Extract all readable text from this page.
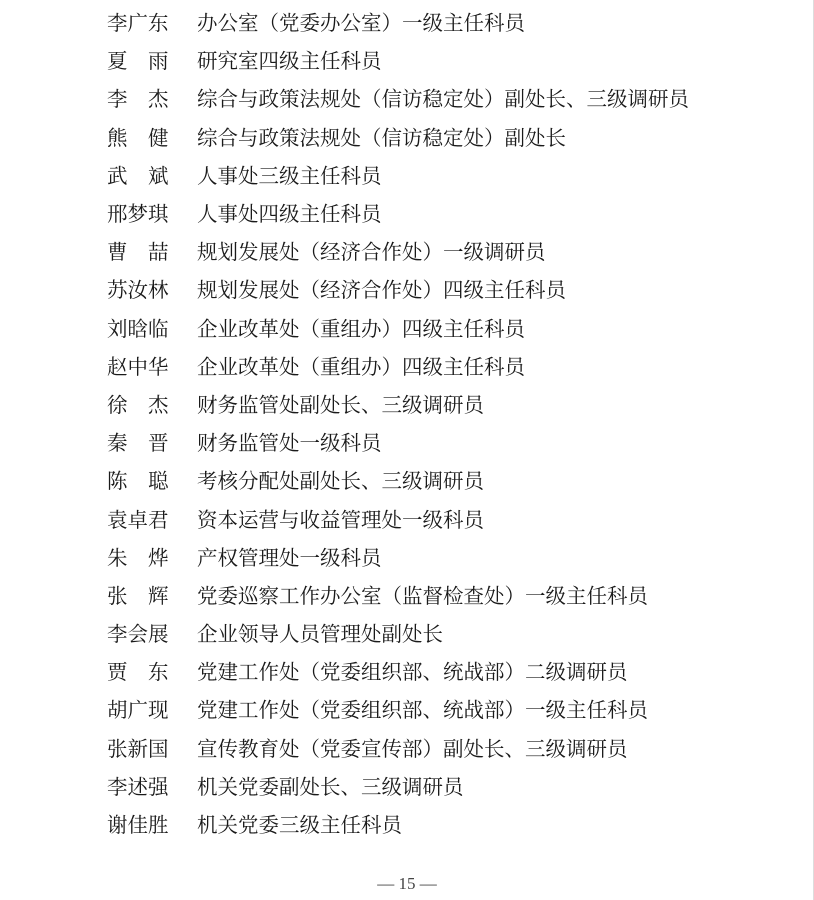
李广东	办公室（党委办公室）一级主任科员
夏　雨	研究室四级主任科员
李　杰	综合与政策法规处（信访稳定处）副处长、三级调研员
熊　健	综合与政策法规处（信访稳定处）副处长
武　斌	人事处三级主任科员
邢梦琪	人事处四级主任科员
曹　喆	规划发展处（经济合作处）一级调研员
苏汝林	规划发展处（经济合作处）四级主任科员
刘晗临	企业改革处（重组办）四级主任科员
赵中华	企业改革处（重组办）四级主任科员
徐　杰	财务监管处副处长、三级调研员
秦　晋	财务监管处一级科员
陈　聪	考核分配处副处长、三级调研员
袁卓君	资本运营与收益管理处一级科员
朱　烨	产权管理处一级科员
张　辉	党委巡察工作办公室（监督检查处）一级主任科员
李会展	企业领导人员管理处副处长
贾　东	党建工作处（党委组织部、统战部）二级调研员
胡广现	党建工作处（党委组织部、统战部）一级主任科员
张新国	宣传教育处（党委宣传部）副处长、三级调研员
李述强	机关党委副处长、三级调研员
谢佳胜	机关党委三级主任科员
— 15 —
